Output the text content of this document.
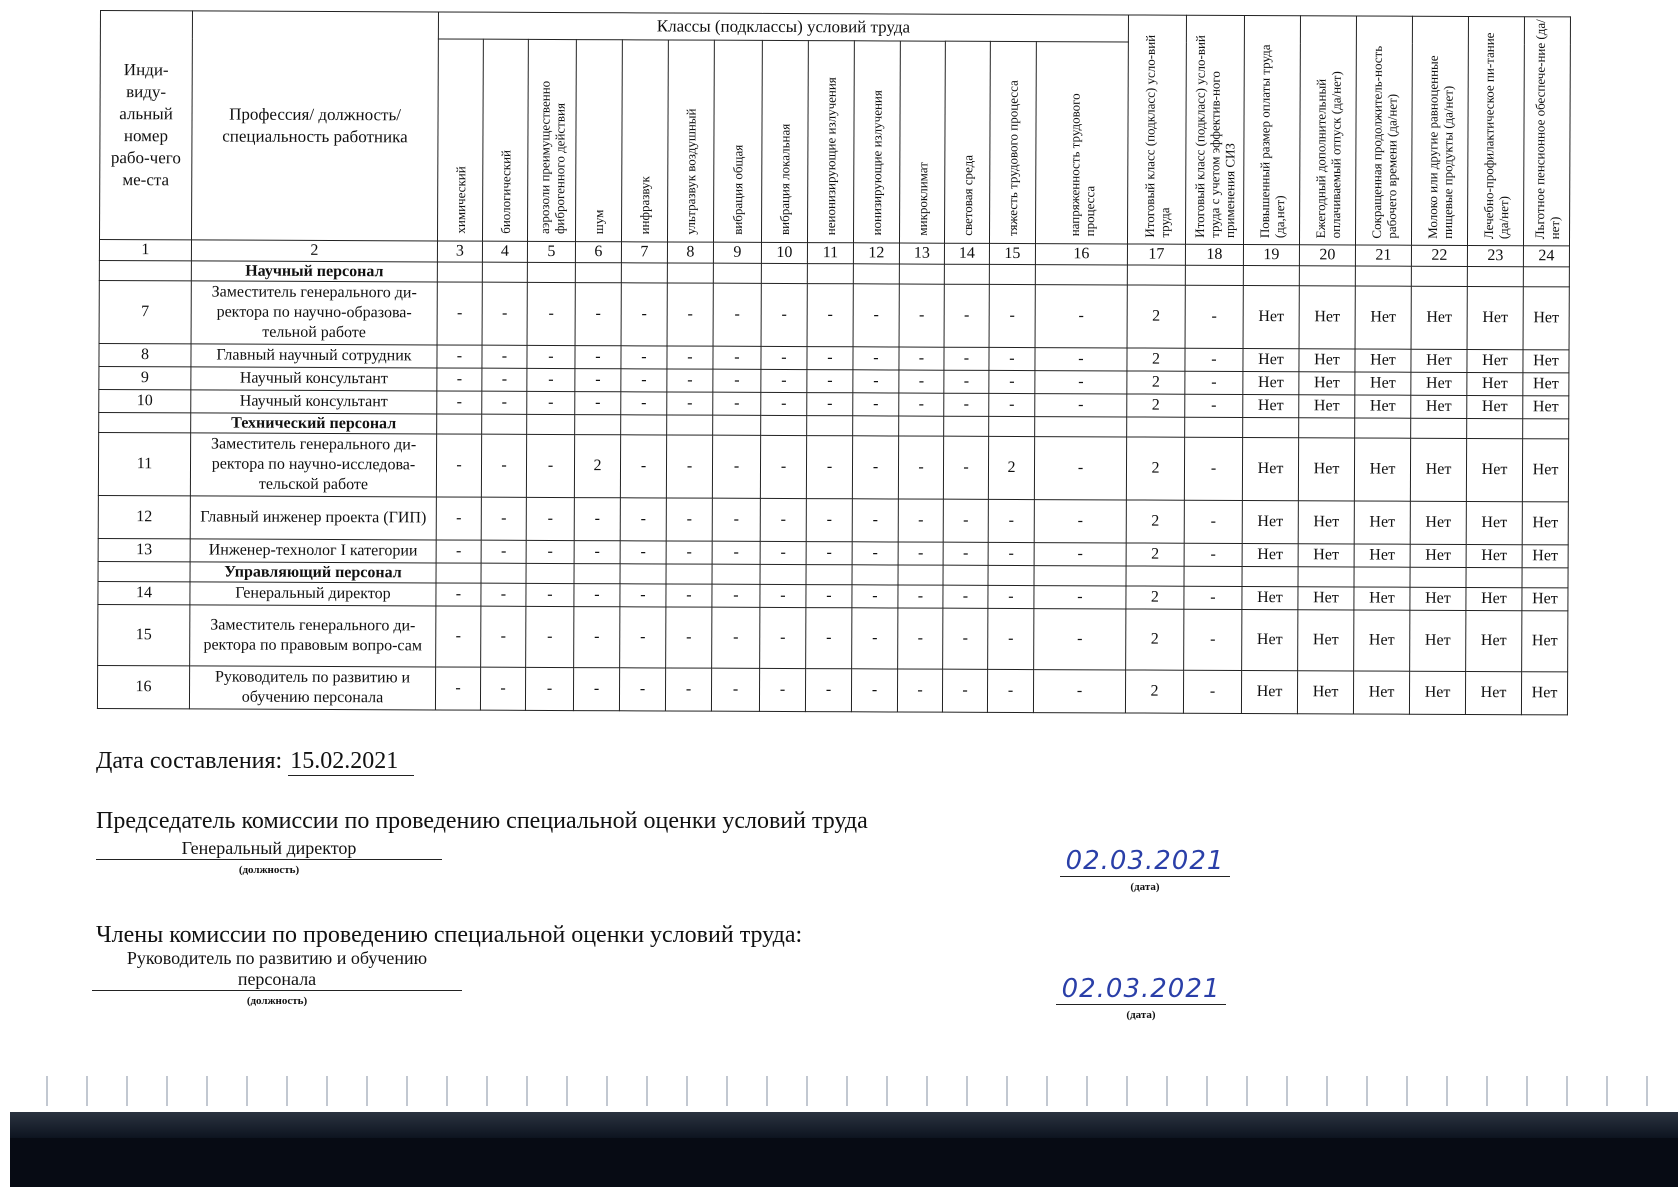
Инди-виду-альный номер рабо-чего ме-ста	Профессия/ должность/ специальность работника	Классы (подклассы) условий труда														Итоговый класс (подкласс) усло-вий труда	Итоговый класс (подкласс) усло-вий труда с учетом эффектив-ного применения СИЗ	Повышенный размер оплаты труда (да,нет)	Ежегодный дополнительный оплачиваемый отпуск (да/нет)	Сокращенная продолжитель-ность рабочего времени (да/нет)	Молоко или другие равноценные пищевые продукты (да/нет)	Лечебно-профилактическое пи-тание (да/нет)	Льготное пенсионное обеспече-ние (да/нет)
		химический	биологический	аэрозоли преимущественно фиброгенного действия	шум	инфразвук	ультразвук воздушный	вибрация общая	вибрация локальная	неионизирующие излучения	ионизирующие излучения	микроклимат	световая среда	тяжесть трудового процесса	напряженность трудового процесса								
1	2	3	4	5	6	7	8	9	10	11	12	13	14	15	16	17	18	19	20	21	22	23	24
	Научный персонал																						
7	Заместитель генерального ди-ректора по научно-образова-тельной работе	-	-	-	-	-	-	-	-	-	-	-	-	-	-	2	-	Нет	Нет	Нет	Нет	Нет	Нет
8	Главный научный сотрудник	-	-	-	-	-	-	-	-	-	-	-	-	-	-	2	-	Нет	Нет	Нет	Нет	Нет	Нет
9	Научный консультант	-	-	-	-	-	-	-	-	-	-	-	-	-	-	2	-	Нет	Нет	Нет	Нет	Нет	Нет
10	Научный консультант	-	-	-	-	-	-	-	-	-	-	-	-	-	-	2	-	Нет	Нет	Нет	Нет	Нет	Нет
	Технический персонал																						
11	Заместитель генерального ди-ректора по научно-исследова-тельской работе	-	-	-	2	-	-	-	-	-	-	-	-	2	-	2	-	Нет	Нет	Нет	Нет	Нет	Нет
12	Главный инженер проекта (ГИП)	-	-	-	-	-	-	-	-	-	-	-	-	-	-	2	-	Нет	Нет	Нет	Нет	Нет	Нет
13	Инженер-технолог I категории	-	-	-	-	-	-	-	-	-	-	-	-	-	-	2	-	Нет	Нет	Нет	Нет	Нет	Нет
	Управляющий персонал																						
14	Генеральный директор	-	-	-	-	-	-	-	-	-	-	-	-	-	-	2	-	Нет	Нет	Нет	Нет	Нет	Нет
15	Заместитель генерального ди-ректора по правовым вопро-сам	-	-	-	-	-	-	-	-	-	-	-	-	-	-	2	-	Нет	Нет	Нет	Нет	Нет	Нет
16	Руководитель по развитию и обучению персонала	-	-	-	-	-	-	-	-	-	-	-	-	-	-	2	-	Нет	Нет	Нет	Нет	Нет	Нет
Дата составления: 15.02.2021
Председатель комиссии по проведению специальной оценки условий труда
Генеральный директор
(должность)	02.03.2021
(дата)
Члены комиссии по проведению специальной оценки условий труда:
Руководитель по развитию и обучению
персонала
(должность)	02.03.2021
(дата)
